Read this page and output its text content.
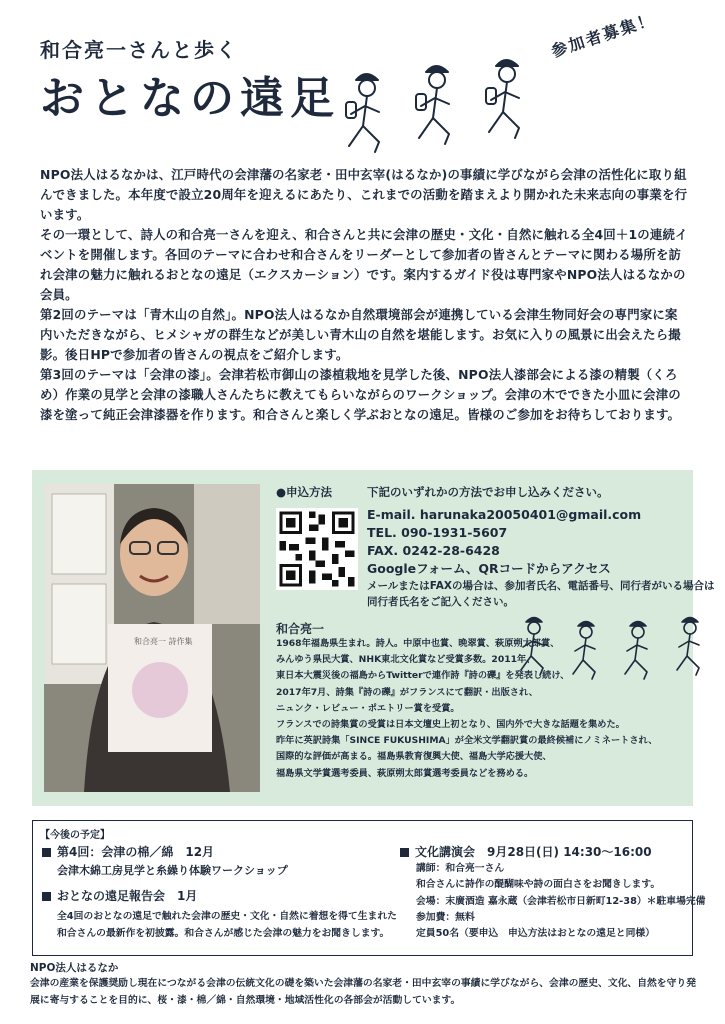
和合亮一さんと歩く
おとなの遠足
参加者募集！

NPO法人はるなかは、江戸時代の会津藩の名家老・田中玄宰(はるなか)の事績に学びながら会津の活性化に取り組んできました。本年度で設立20周年を迎えるにあたり、これまでの活動を踏まえより開かれた未来志向の事業を行います。

その一環として、詩人の和合亮一さんを迎え、和合さんと共に会津の歴史・文化・自然に触れる全4回＋1の連続イベントを開催します。各回のテーマに合わせ和合さんをリーダーとして参加者の皆さんとテーマに関わる場所を訪れ会津の魅力に触れるおとなの遠足（エクスカーション）です。案内するガイド役は専門家やNPO法人はるなかの会員。

第2回のテーマは「青木山の自然」。NPO法人はるなか自然環境部会が連携している会津生物同好会の専門家に案内いただきながら、ヒメシャガの群生などが美しい青木山の自然を堪能します。お気に入りの風景に出会えたら撮影。後日HPで参加者の皆さんの視点をご紹介します。

第3回のテーマは「会津の漆」。会津若松市御山の漆植栽地を見学した後、NPO法人漆部会による漆の精製（くろめ）作業の見学と会津の漆職人さんたちに教えてもらいながらのワークショップ。会津の木でできた小皿に会津の漆を塗って純正会津漆器を作ります。和合さんと楽しく学ぶおとなの遠足。皆様のご参加をお待ちしております。

和合亮一 詩作集
●申込方法	下記のいずれかの方法でお申し込みください。
E-mail. harunaka20050401@gmail.com
TEL. 090-1931-5607
FAX. 0242-28-6428
Googleフォーム、QRコードからアクセス
メールまたはFAXの場合は、参加者氏名、電話番号、同行者がいる場合は
同行者氏名をご記入ください。
和合亮一

1968年福島県生まれ。詩人。中原中也賞、晩翠賞、萩原朔太郎賞、

みんゆう県民大賞、NHK東北文化賞など受賞多数。2011年、

東日本大震災後の福島からTwitterで連作詩『詩の礫』を発表し続け、

2017年7月、詩集『詩の礫』がフランスにて翻訳・出版され、

ニュンク・レビュー・ポエトリー賞を受賞。

フランスでの詩集賞の受賞は日本文壇史上初となり、国内外で大きな話題を集めた。

昨年に英訳詩集「SINCE FUKUSHIMA」が全米文学翻訳賞の最終候補にノミネートされ、

国際的な評価が高まる。福島県教育復興大使、福島大学応援大使、

福島県文学賞選考委員、萩原朔太郎賞選考委員などを務める。

【今後の予定】
第4回：会津の棉／綿　12月
会津木綿工房見学と糸繰り体験ワークショップ
おとなの遠足報告会　1月
全4回のおとなの遠足で触れた会津の歴史・文化・自然に着想を得て生まれた
和合さんの最新作を初披露。和合さんが感じた会津の魅力をお聞きします。
文化講演会　9月28日(日) 14:30〜16:00
講師：和合亮一さん
和合さんに詩作の醍醐味や詩の面白さをお聞きします。
会場：末廣酒造 嘉永蔵（会津若松市日新町12-38）＊駐車場完備
参加費：無料
定員50名（要申込　申込方法はおとなの遠足と同様）
NPO法人はるなか
会津の産業を保護奨励し現在につながる会津の伝統文化の礎を築いた会津藩の名家老・田中玄宰の事績に学びながら、会津の歴史、文化、自然を守り発展に寄与することを目的に、桜・漆・棉／綿・自然環境・地域活性化の各部会が活動しています。
